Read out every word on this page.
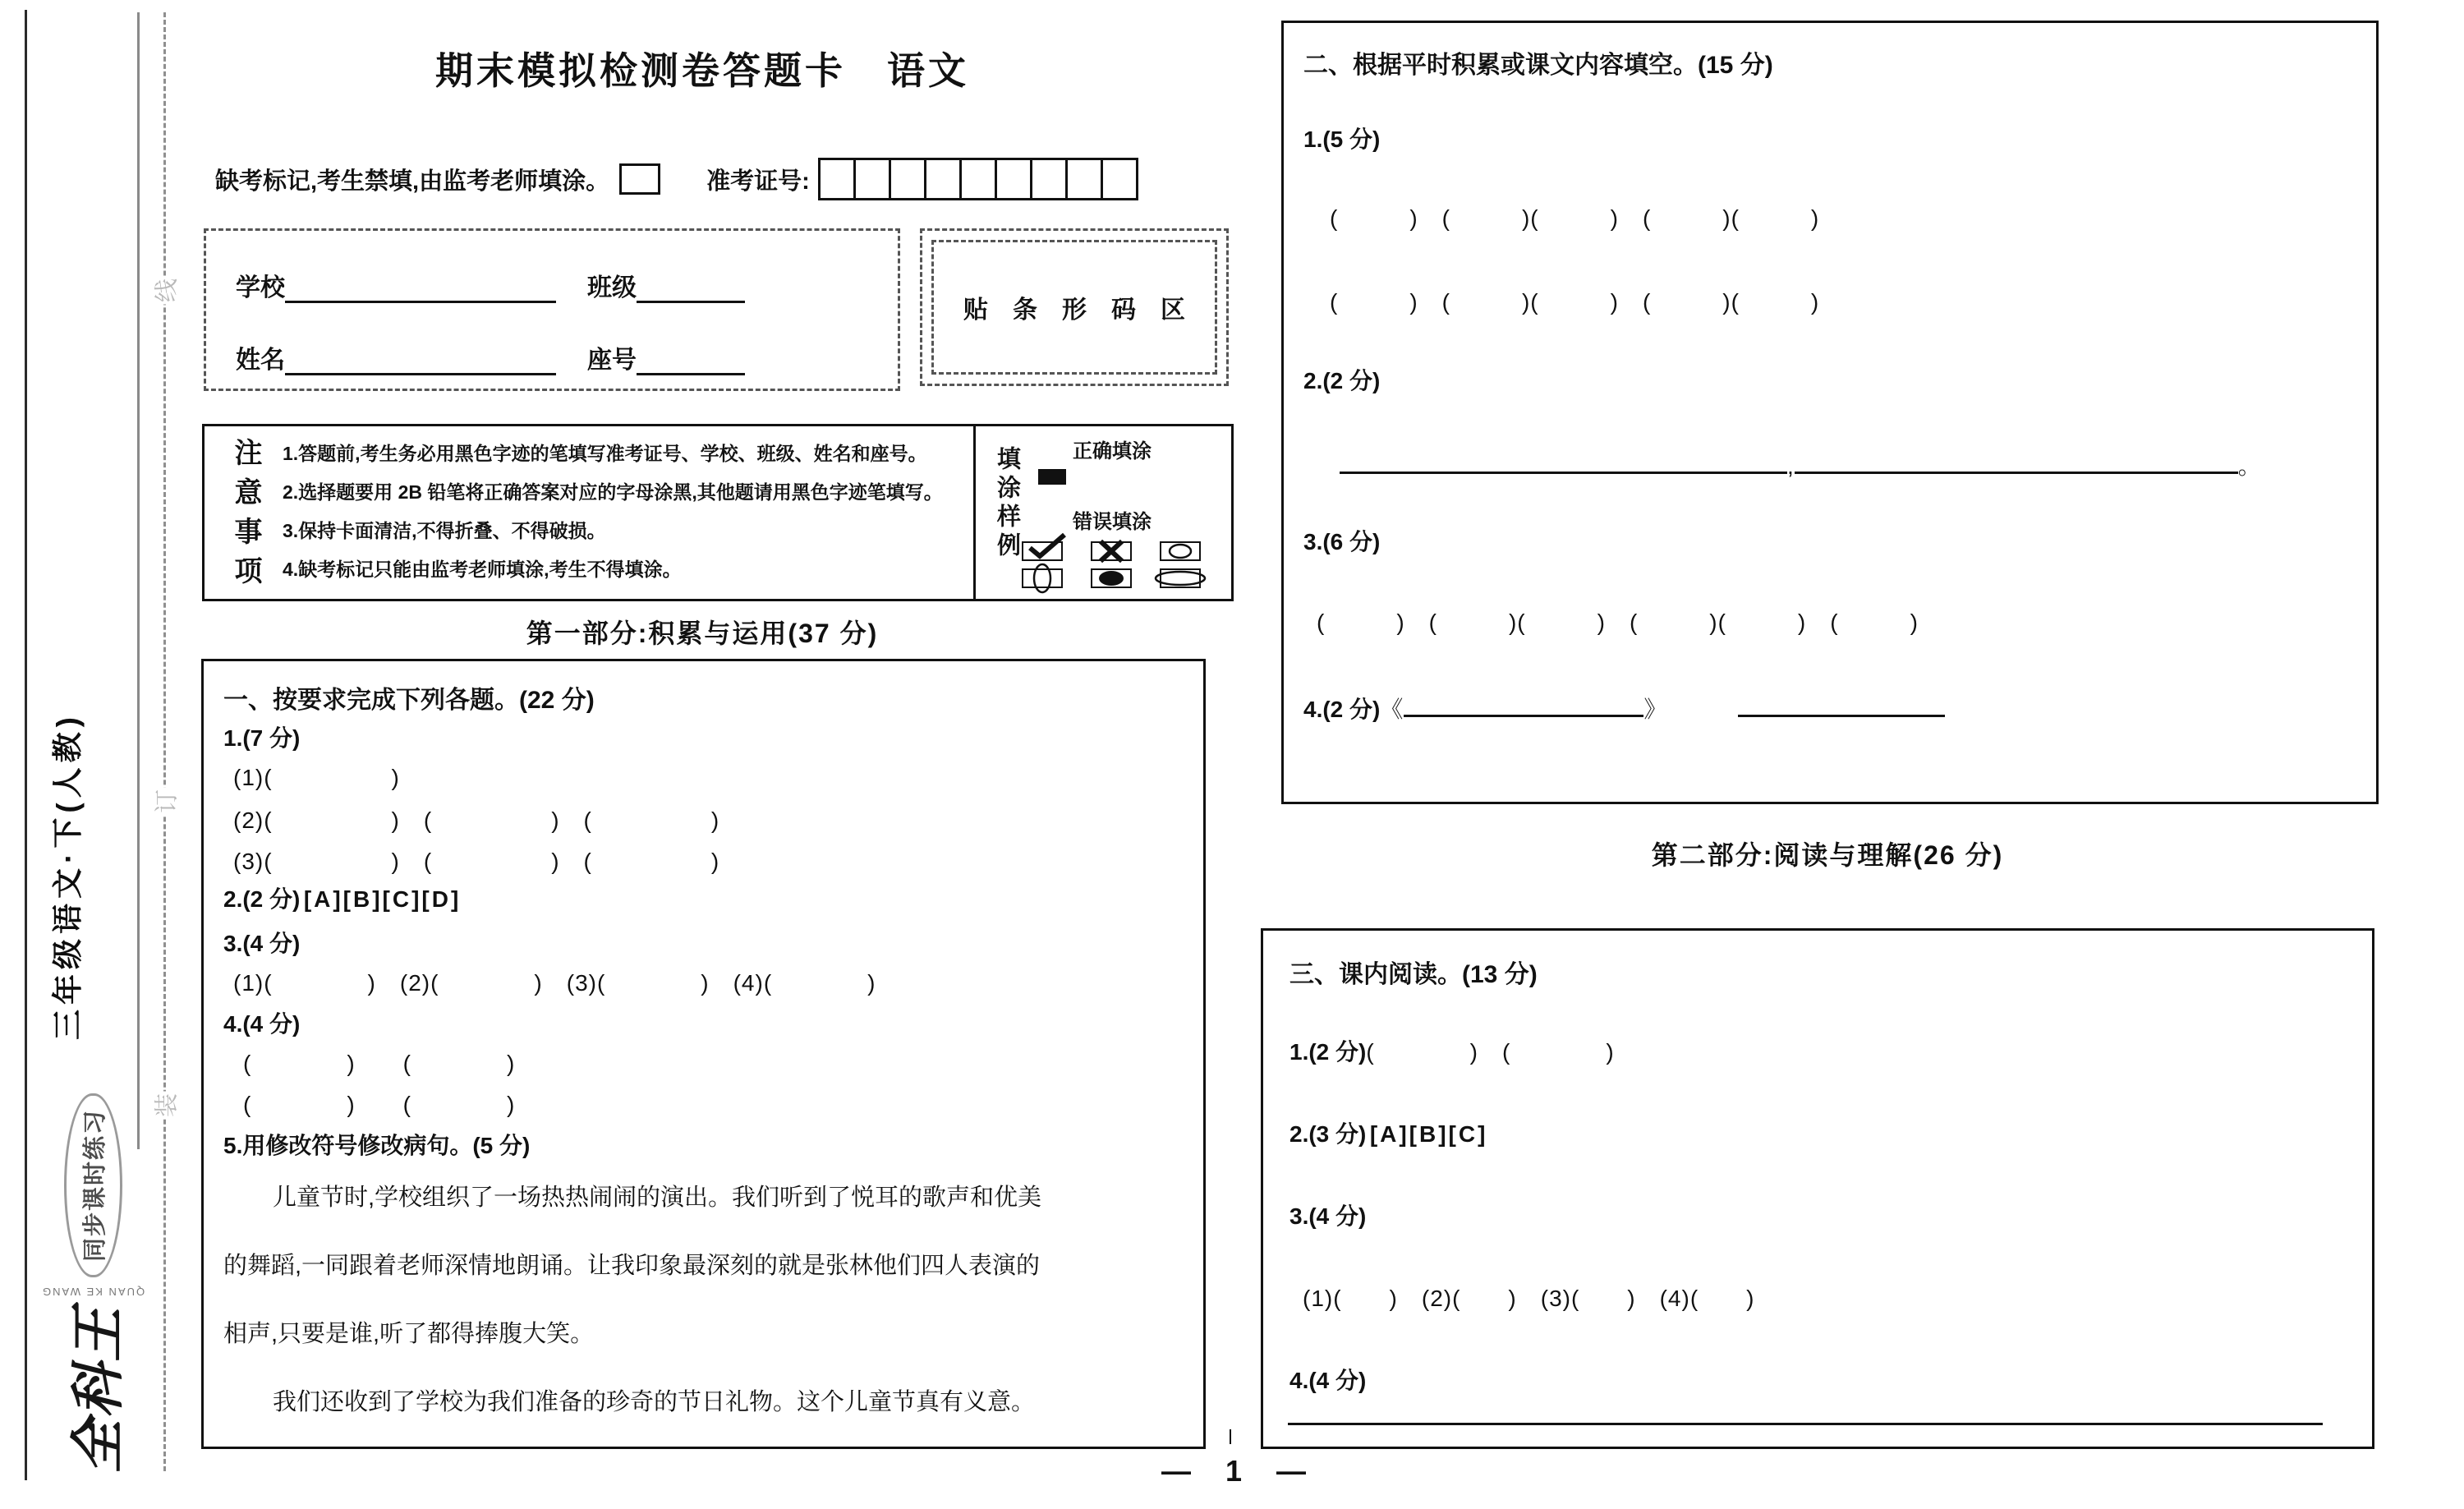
三年级语文·下(人教)
线
订
装
全科王
QUAN KE WANG
同步课时练习
期末模拟检测卷答题卡　语文
缺考标记,考生禁填,由监考老师填涂。	准考证号:
学校	班级
姓名	座号
贴条形码区
注意事项 1.答题前,考生务必用黑色字迹的笔填写准考证号、学校、班级、姓名和座号。

2.选择题要用 2B 铅笔将正确答案对应的字母涂黑,其他题请用黑色字迹笔填写。

3.保持卡面清洁,不得折叠、不得破损。

4.缺考标记只能由监考老师填涂,考生不得填涂。

填涂样例	正确填涂
错误填涂
第一部分:积累与运用(37 分)
一、按要求完成下列各题。(22 分)
1.(7 分)
(1)(　　　　　)
(2)(　　　　　)　(　　　　　)　(　　　　　)
(3)(　　　　　)　(　　　　　)　(　　　　　)
2.(2 分) [A][B][C][D]
3.(4 分)
(1)(　　　　)　(2)(　　　　)　(3)(　　　　)　(4)(　　　　)
4.(4 分)
(　　　　)　　(　　　　)
(　　　　)　　(　　　　)
5.用修改符号修改病句。(5 分)

儿童节时,学校组织了一场热热闹闹的演出。我们听到了悦耳的歌声和优美

的舞蹈,一同跟着老师深情地朗诵。让我印象最深刻的就是张林他们四人表演的

相声,只要是谁,听了都得捧腹大笑。

我们还收到了学校为我们准备的珍奇的节日礼物。这个儿童节真有义意。

二、根据平时积累或课文内容填空。(15 分)
1.(5 分)
(　　　)　(　　　)(　　　)　(　　　)(　　　)
(　　　)　(　　　)(　　　)　(　　　)(　　　)
2.(2 分)
,	。
3.(6 分)
(　　　)　(　　　)(　　　)　(　　　)(　　　)　(　　　)
4.(2 分)《	》
第二部分:阅读与理解(26 分)
三、课内阅读。(13 分)
1.(2 分)(　　　　)　(　　　　)
2.(3 分) [A][B][C]
3.(4 分)
(1)(　　)　(2)(　　)　(3)(　　)　(4)(　　)
4.(4 分)
— 1 —
